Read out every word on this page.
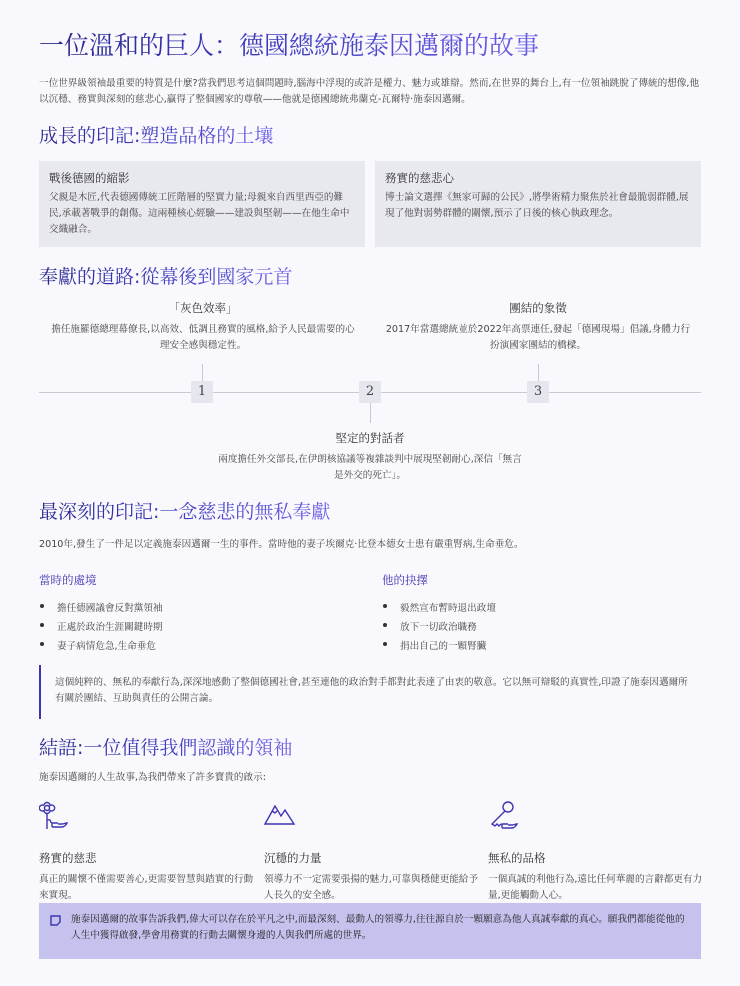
一位溫和的巨人：德國總統施泰因邁爾的故事
一位世界級領袖最重要的特質是什麼?當我們思考這個問題時,腦海中浮現的或許是權力、魅力或雄辯。然而,在世界的舞台上,有一位領袖跳脫了傳統的想像,他以沉穩、務實與深刻的慈悲心,贏得了整個國家的尊敬——他就是德國總統弗蘭克-瓦爾特·施泰因邁爾。
成長的印記:塑造品格的土壤
戰後德國的縮影
父親是木匠,代表德國傳統工匠階層的堅實力量;母親來自西里西亞的難民,承載著戰爭的創傷。這兩種核心經驗——建設與堅韌——在他生命中交織融合。
務實的慈悲心
博士論文選擇《無家可歸的公民》,將學術精力聚焦於社會最脆弱群體,展現了他對弱勢群體的關懷,預示了日後的核心執政理念。
奉獻的道路:從幕後到國家元首
「灰色效率」
擔任施羅德總理幕僚長,以高效、低調且務實的風格,給予人民最需要的心理安全感與穩定性。
1	2
堅定的對話者
兩度擔任外交部長,在伊朗核協議等複雜談判中展現堅韌耐心,深信「無言是外交的死亡」。
團結的象徵
2017年當選總統並於2022年高票連任,發起「德國現場」倡議,身體力行扮演國家團結的橋樑。
3
最深刻的印記:一念慈悲的無私奉獻
2010年,發生了一件足以定義施泰因邁爾一生的事件。當時他的妻子埃爾克·比登本德女士患有嚴重腎病,生命垂危。
當時的處境
擔任德國議會反對黨領袖
正處於政治生涯關鍵時期
妻子病情危急,生命垂危
他的抉擇
毅然宣布暫時退出政壇
放下一切政治職務
捐出自己的一顆腎臟
這個純粹的、無私的奉獻行為,深深地感動了整個德國社會,甚至連他的政治對手都對此表達了由衷的敬意。它以無可辯駁的真實性,印證了施泰因邁爾所有關於團結、互助與責任的公開言論。
結語:一位值得我們認識的領袖
施泰因邁爾的人生故事,為我們帶來了許多寶貴的啟示:
務實的慈悲
真正的關懷不僅需要善心,更需要智慧與踏實的行動來實現。
沉穩的力量
領導力不一定需要張揚的魅力,可靠與穩健更能給予人長久的安全感。
無私的品格
一個真誠的利他行為,遠比任何華麗的言辭都更有力量,更能觸動人心。
施泰因邁爾的故事告訴我們,偉大可以存在於平凡之中,而最深刻、最動人的領導力,往往源自於一顆願意為他人真誠奉獻的真心。願我們都能從他的人生中獲得啟發,學會用務實的行動去關懷身邊的人與我們所處的世界。
